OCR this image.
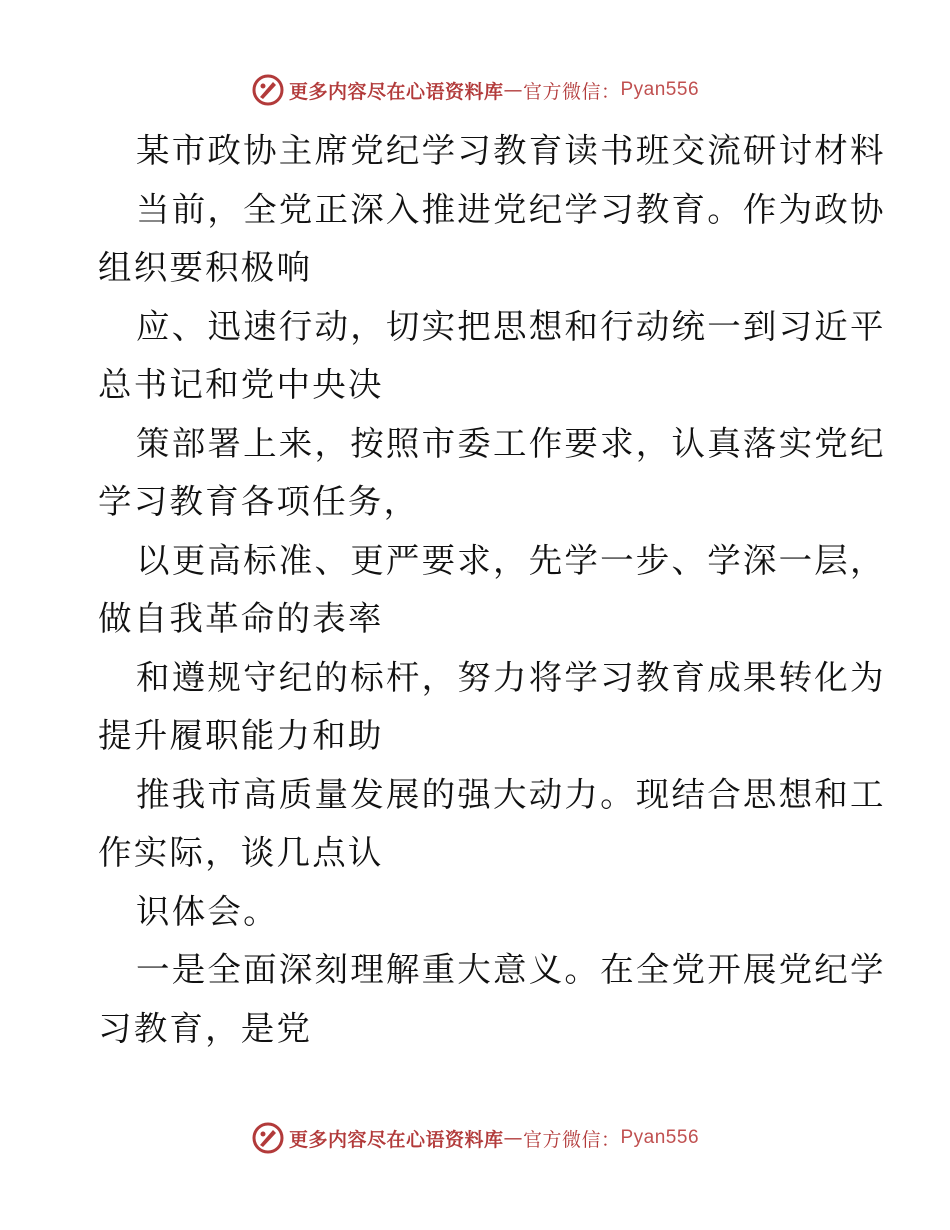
更多内容尽在心语资料库 — 官方微信： Pyan556
某市政协主席党纪学习教育读书班交流研讨材料
当前，全党正深入推进党纪学习教育。作为政协
组织要积极响
应、迅速行动，切实把思想和行动统一到习近平
总书记和党中央决
策部署上来，按照市委工作要求，认真落实党纪
学习教育各项任务，
以更高标准、更严要求，先学一步、学深一层，
做自我革命的表率
和遵规守纪的标杆，努力将学习教育成果转化为
提升履职能力和助
推我市高质量发展的强大动力。现结合思想和工
作实际，谈几点认
识体会。
一是全面深刻理解重大意义。在全党开展党纪学
习教育，是党
更多内容尽在心语资料库 — 官方微信： Pyan556
